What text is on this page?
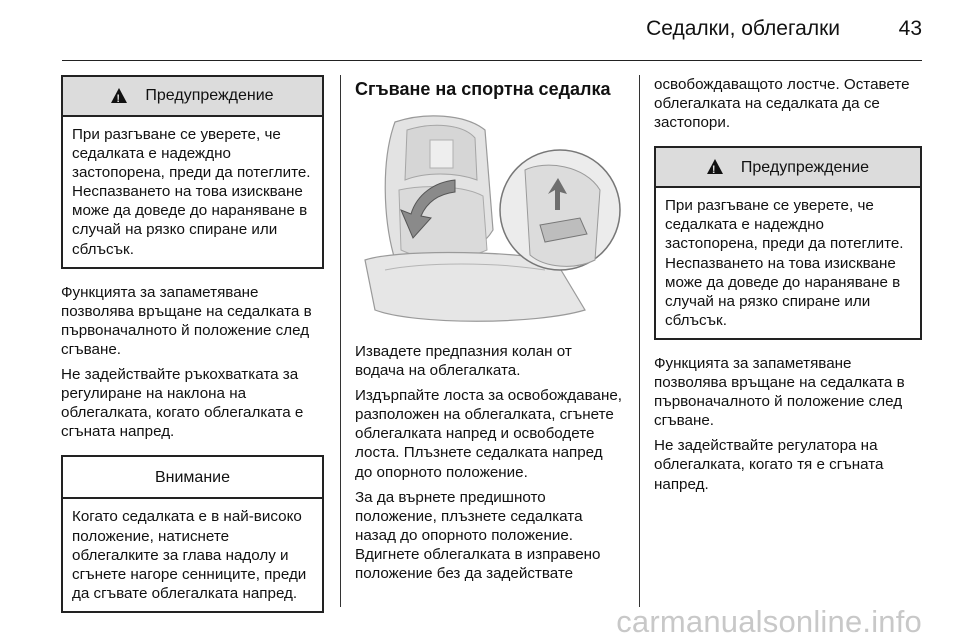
Седалки, облегалки	43
!
Предупреждение
При разгъване се уверете, че седалката е надеждно застопорена, преди да потеглите. Неспазването на това изискване може да доведе до нараняване в случай на рязко спиране или сблъсък.

Функцията за запаметяване позволява връщане на седалката в първоначалното й положение след сгъване.

Не задействайте ръкохватката за регулиране на наклона на облегалката, когато облегалката е сгъната напред.

Внимание
Когато седалката е в най-високо положение, натиснете облегалките за глава надолу и сгънете нагоре сенниците, преди да сгъвате облегалката напред.
Сгъване на спортна седалка

Извадете предпазния колан от водача на облегалката.

Издърпайте лоста за освобождаване, разположен на облегалката, сгънете облегалката напред и освободете лоста. Плъзнете седалката напред до опорното положение.

За да върнете предишното положение, плъзнете седалката назад до опорното положение. Вдигнете облегалката в изправено положение без да задействате

освобождаващото лостче. Оставете облегалката на седалката да се застопори.

!
Предупреждение
При разгъване се уверете, че седалката е надеждно застопорена, преди да потеглите. Неспазването на това изискване може да доведе до нараняване в случай на рязко спиране или сблъсък.

Функцията за запаметяване позволява връщане на седалката в първоначалното й положение след сгъване.

Не задействайте регулатора на облегалката, когато тя е сгъната напред.

carmanualsonline.info
